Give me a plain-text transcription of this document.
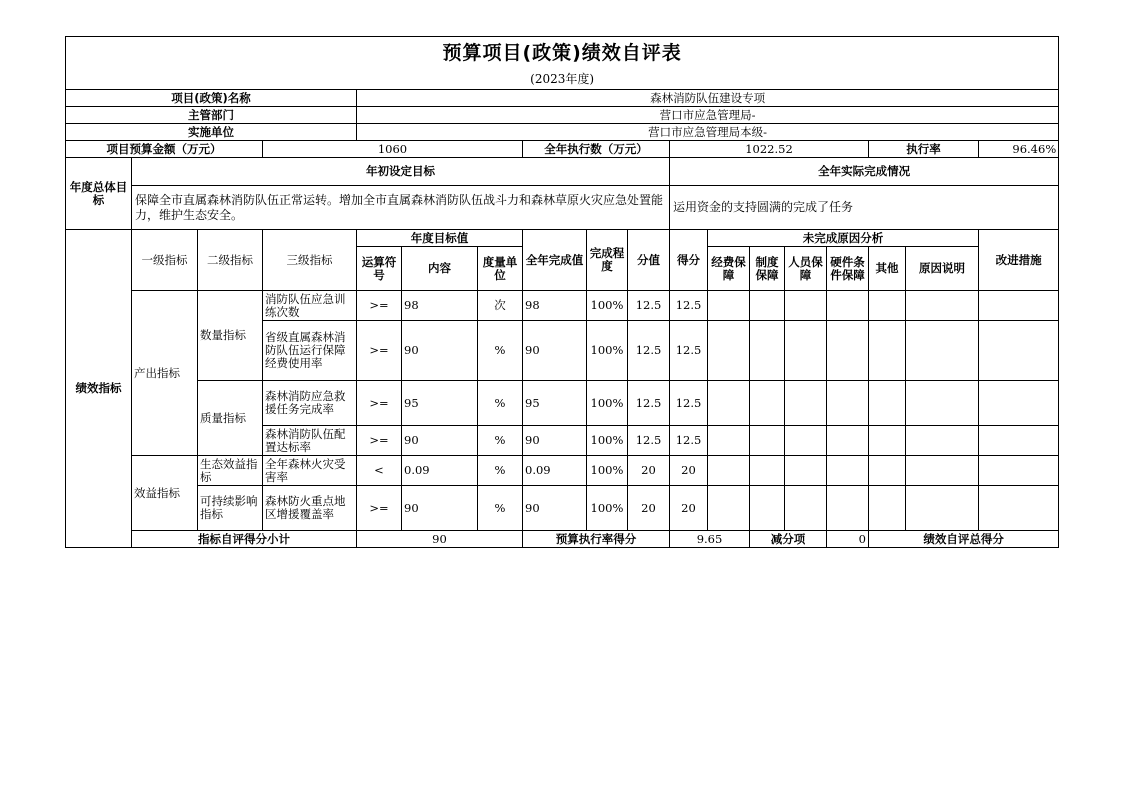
预算项目(政策)绩效自评表																		
(2023年度)																		
项目(政策)名称				森林消防队伍建设专项														
主管部门				营口市应急管理局-														
实施单位				营口市应急管理局本级-														
项目预算金额（万元）			1060				全年执行数（万元）			1022.52					执行率		96.46%	
年度总体目标	年初设定目标									全年实际完成情况								
	保障全市直属森林消防队伍正常运转。增加全市直属森林消防队伍战斗力和森林草原火灾应急处置能力，维护生态安全。									运用资金的支持圆满的完成了任务								
绩效指标	一级指标	二级指标	三级指标	年度目标值			全年完成值	完成程度	分值	得分	未完成原因分析						改进措施	
				运算符号	内容	度量单位					经费保障	制度保障	人员保障	硬件条件保障	其他	原因说明		
	产出指标	数量指标	消防队伍应急训练次数	>=	98	次	98	100%	12.5	12.5								
			省级直属森林消防队伍运行保障经费使用率	>=	90	%	90	100%	12.5	12.5								
		质量指标	森林消防应急救援任务完成率	>=	95	%	95	100%	12.5	12.5								
			森林消防队伍配置达标率	>=	90	%	90	100%	12.5	12.5								
	效益指标	生态效益指标	全年森林火灾受害率	<	0.09	%	0.09	100%	20	20								
		可持续影响指标	森林防火重点地区增援覆盖率	>=	90	%	90	100%	20	20								
	指标自评得分小计			90			预算执行率得分			9.65		减分项		0	绩效自评总得分	
